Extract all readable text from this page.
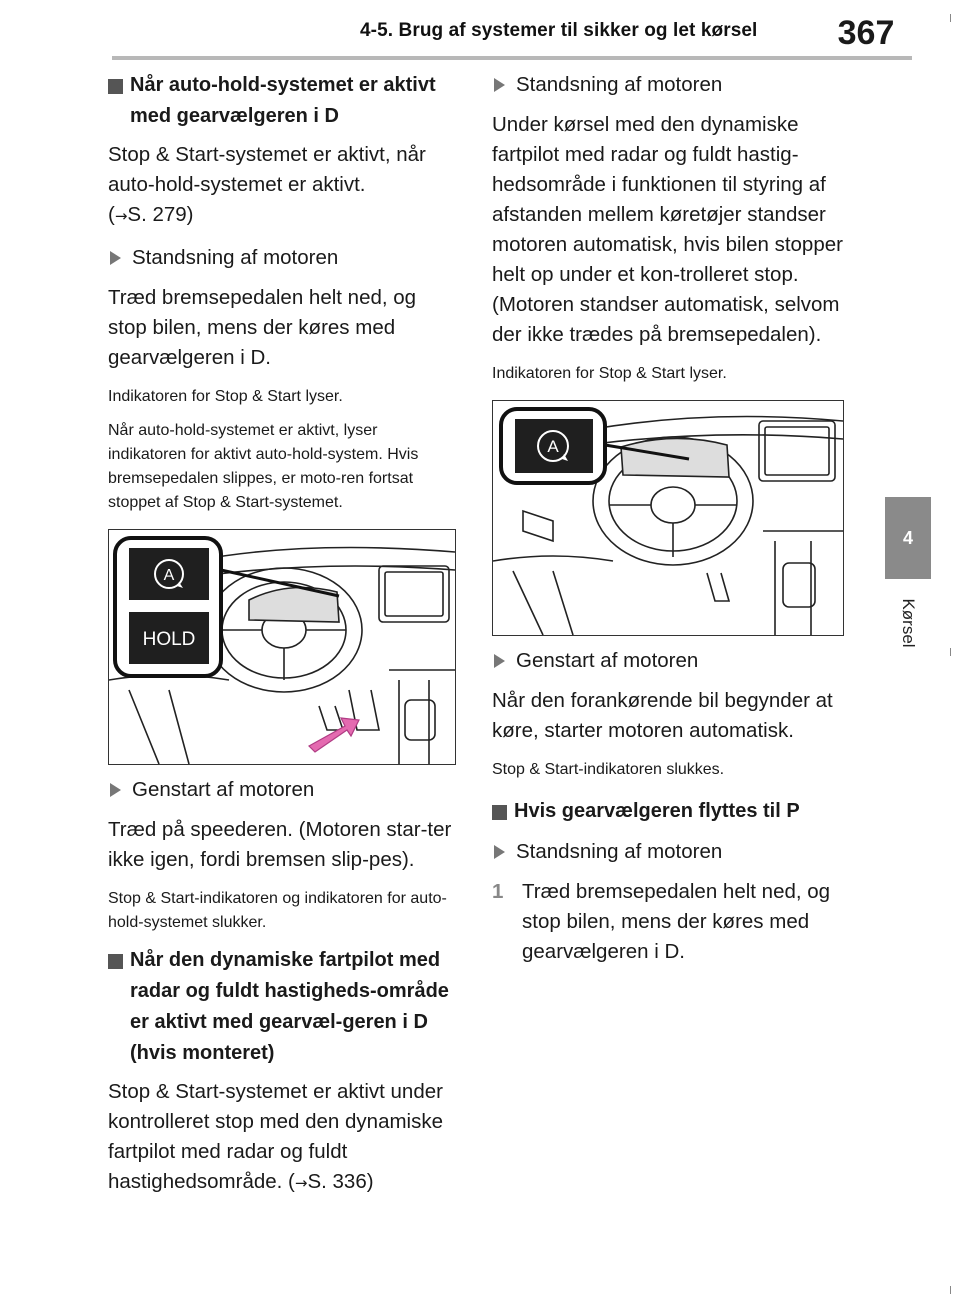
4-5. Brug af systemer til sikker og let kørsel	367
4
Kørsel
Når auto-hold-systemet er aktivt med gearvælgeren i D

Stop & Start-systemet er aktivt, når auto-hold-systemet er aktivt.
(→S. 279)

Standsning af motoren

Træd bremsepedalen helt ned, og stop bilen, mens der køres med gearvælgeren i D.

Indikatoren for Stop & Start lyser.

Når auto-hold-systemet er aktivt, lyser indikatoren for aktivt auto-hold-system. Hvis bremsepedalen slippes, er moto-ren fortsat stoppet af Stop & Start-systemet.

A
HOLD
Genstart af motoren

Træd på speederen. (Motoren star-ter ikke igen, fordi bremsen slip-pes).

Stop & Start-indikatoren og indikatoren for auto-hold-systemet slukker.

Når den dynamiske fartpilot med radar og fuldt hastigheds-område er aktivt med gearvæl-geren i D (hvis monteret)

Stop & Start-systemet er aktivt under kontrolleret stop med den dynamiske fartpilot med radar og fuldt hastighedsområde. (→S. 336)

Standsning af motoren

Under kørsel med den dynamiske fartpilot med radar og fuldt hastig-hedsområde i funktionen til styring af afstanden mellem køretøjer standser motoren automatisk, hvis bilen stopper helt op under et kon-trolleret stop. (Motoren standser automatisk, selvom der ikke trædes på bremsepedalen).

Indikatoren for Stop & Start lyser.

A
Genstart af motoren

Når den forankørende bil begynder at køre, starter motoren automatisk.

Stop & Start-indikatoren slukkes.

Hvis gearvælgeren flyttes til P
Standsning af motoren
1 Træd bremsepedalen helt ned, og stop bilen, mens der køres med gearvælgeren i D.
